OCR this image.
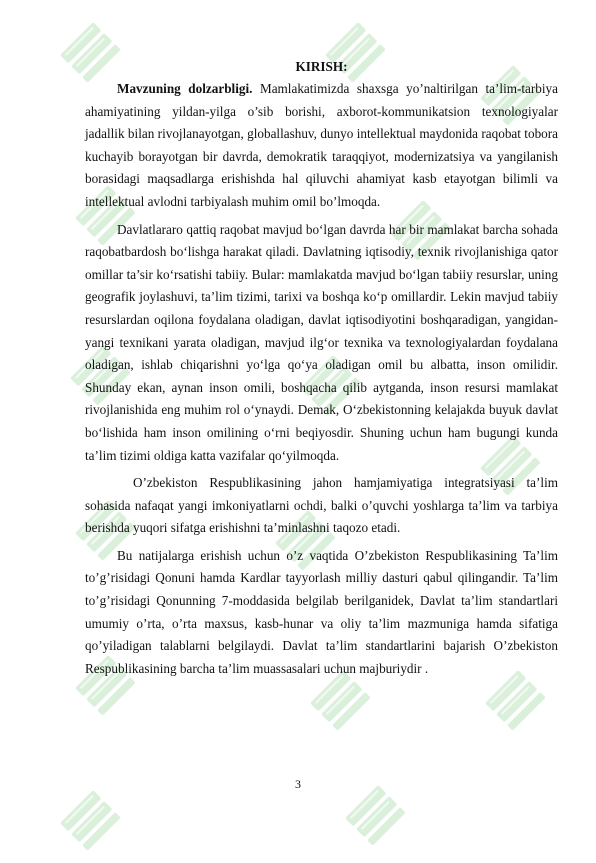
KIRISH:

Mavzuning dolzarbligi. Mamlakatimizda shaxsga yo’naltirilgan ta’lim-tarbiya ahamiyatining yildan-yilga o’sib borishi, axborot-kommunikatsion texnologiyalar jadallik bilan rivojlanayotgan, globallashuv, dunyo intellektual maydonida raqobat tobora kuchayib borayotgan bir davrda, demokratik taraqqiyot, modernizatsiya va yangilanish borasidagi maqsadlarga erishishda hal qiluvchi ahamiyat kasb etayotgan bilimli va intellektual avlodni tarbiyalash muhim omil bo’lmoqda.

Davlatlararo qattiq raqobat mavjud bo‘lgan davrda har bir mamlakat barcha sohada raqobatbardosh bo‘lishga harakat qiladi. Davlatning iqtisodiy, texnik rivojlanishiga qator omillar ta’sir ko‘rsatishi tabiiy. Bular: mamlakatda mavjud bo‘lgan tabiiy resurslar, uning geografik joylashuvi, ta’lim tizimi, tarixi va boshqa ko‘p omillardir. Lekin mavjud tabiiy resurslardan oqilona foydalana oladigan, davlat iqtisodiyotini boshqaradigan, yangidan-yangi texnikani yarata oladigan, mavjud ilg‘or texnika va texnologiyalardan foydalana oladigan, ishlab chiqarishni yo‘lga qo‘ya oladigan omil bu albatta, inson omilidir. Shunday ekan, aynan inson omili, boshqacha qilib aytganda, inson resursi mamlakat rivojlanishida eng muhim rol o‘ynaydi. Demak, O‘zbekistonning kelajakda buyuk davlat bo‘lishida ham inson omilining o‘rni beqiyosdir. Shuning uchun ham bugungi kunda ta’lim tizimi oldiga katta vazifalar qo‘yilmoqda.

O’zbekiston Respublikasining jahon hamjamiyatiga integratsiyasi ta’lim sohasida nafaqat yangi imkoniyatlarni ochdi, balki o’quvchi yoshlarga ta’lim va tarbiya berishda yuqori sifatga erishishni ta’minlashni taqozo etadi.

Bu natijalarga erishish uchun o’z vaqtida O’zbekiston Respublikasining Ta’lim to’g’risidagi Qonuni hamda Kardlar tayyorlash milliy dasturi qabul qilingandir. Ta’lim to’g’risidagi Qonunning 7-moddasida belgilab berilganidek, Davlat ta’lim standartlari umumiy o’rta, o’rta maxsus, kasb-hunar va oliy ta’lim mazmuniga hamda sifatiga qo’yiladigan talablarni belgilaydi. Davlat ta’lim standartlarini bajarish O’zbekiston Respublikasining barcha ta’lim muassasalari uchun majburiydir .

3
